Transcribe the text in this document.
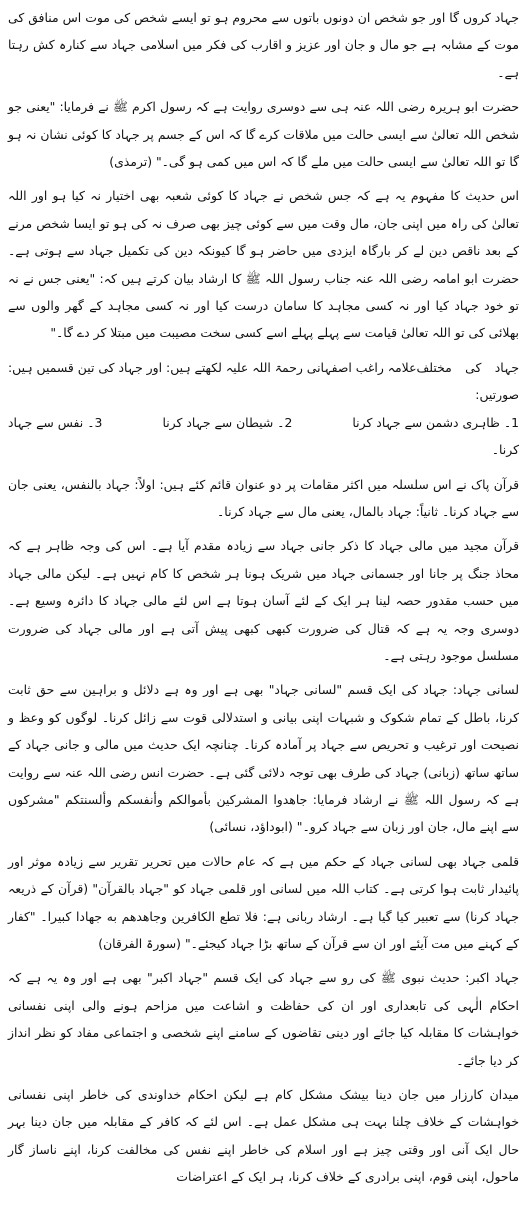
جہاد کروں گا اور جو شخص ان دونوں باتوں سے محروم ہو تو ایسے شخص کی موت اس منافق کی موت کے مشابہ ہے جو مال و جان اور عزیز و اقارب کی فکر میں اسلامی جہاد سے کنارہ کش رہتا ہے۔

حضرت ابو ہریرہ رضی اللہ عنہ ہی سے دوسری روایت ہے کہ رسول اکرم ﷺ نے فرمایا: "یعنی جو شخص اللہ تعالیٰ سے ایسی حالت میں ملاقات کرے گا کہ اس کے جسم پر جہاد کا کوئی نشان نہ ہو گا تو اللہ تعالیٰ سے ایسی حالت میں ملے گا کہ اس میں کمی ہو گی۔" (ترمذی)

اس حدیث کا مفہوم یہ ہے کہ جس شخص نے جہاد کا کوئی شعبہ بھی اختیار نہ کیا ہو اور اللہ تعالیٰ کی راہ میں اپنی جان، مال وقت میں سے کوئی چیز بھی صرف نہ کی ہو تو ایسا شخص مرنے کے بعد ناقص دین لے کر بارگاہ ایزدی میں حاضر ہو گا کیونکہ دین کی تکمیل جہاد سے ہوتی ہے۔ حضرت ابو امامہ رضی اللہ عنہ جناب رسول اللہ ﷺ کا ارشاد بیان کرتے ہیں کہ: "یعنی جس نے نہ تو خود جہاد کیا اور نہ کسی مجاہد کا سامان درست کیا اور نہ کسی مجاہد کے گھر والوں سے بھلائی کی تو اللہ تعالیٰ قیامت سے پہلے پہلے اسے کسی سخت مصیبت میں مبتلا کر دے گا۔"

جہاد کی مختلف صورتیں:
علامہ راغب اصفہانی رحمۃ اللہ علیہ لکھتے ہیں: اور جہاد کی تین قسمیں ہیں:
1۔ ظاہری دشمن سے جہاد کرنا
2۔ شیطان سے جہاد کرنا
3۔ نفس سے جہاد

کرنا۔

قرآن پاک نے اس سلسلہ میں اکثر مقامات پر دو عنوان قائم کئے ہیں: اولاً: جہاد بالنفس، یعنی جان سے جہاد کرنا۔ ثانیاً: جہاد بالمال، یعنی مال سے جہاد کرنا۔

قرآن مجید میں مالی جہاد کا ذکر جانی جہاد سے زیادہ مقدم آیا ہے۔ اس کی وجہ ظاہر ہے کہ محاذ جنگ پر جانا اور جسمانی جہاد میں شریک ہونا ہر شخص کا کام نہیں ہے۔ لیکن مالی جہاد میں حسب مقدور حصہ لینا ہر ایک کے لئے آسان ہوتا ہے اس لئے مالی جہاد کا دائرہ وسیع ہے۔ دوسری وجہ یہ ہے کہ قتال کی ضرورت کبھی کبھی پیش آتی ہے اور مالی جہاد کی ضرورت مسلسل موجود رہتی ہے۔

لسانی جہاد: جہاد کی ایک قسم "لسانی جہاد" بھی ہے اور وہ ہے دلائل و براہین سے حق ثابت کرنا، باطل کے تمام شکوک و شبہات اپنی بیانی و استدلالی قوت سے زائل کرنا۔ لوگوں کو وعظ و نصیحت اور ترغیب و تحریص سے جہاد پر آمادہ کرنا۔ چنانچہ ایک حدیث میں مالی و جانی جہاد کے ساتھ ساتھ (زبانی) جہاد کی طرف بھی توجہ دلائی گئی ہے۔ حضرت انس رضی اللہ عنہ سے روایت ہے کہ رسول اللہ ﷺ نے ارشاد فرمایا: جاهدوا المشركين بأموالكم وأنفسكم وألسنتكم "مشرکوں سے اپنے مال، جان اور زبان سے جہاد کرو۔" (ابوداؤد، نسائی)

قلمی جہاد بھی لسانی جہاد کے حکم میں ہے کہ عام حالات میں تحریر تقریر سے زیادہ موثر اور پائیدار ثابت ہوا کرتی ہے۔ کتاب اللہ میں لسانی اور قلمی جہاد کو "جہاد بالقرآن" (قرآن کے ذریعہ جہاد کرنا) سے تعبیر کیا گیا ہے۔ ارشاد ربانی ہے: فلا تطع الكافرين وجاهدهم به جهادا كبيرا۔ "کفار کے کہنے میں مت آیئے اور ان سے قرآن کے ساتھ بڑا جہاد کیجئے۔" (سورۃ الفرقان)

جہاد اکبر: حدیث نبوی ﷺ کی رو سے جہاد کی ایک قسم "جہاد اکبر" بھی ہے اور وہ یہ ہے کہ احکام الٰہی کی تابعداری اور ان کی حفاظت و اشاعت میں مزاحم ہونے والی اپنی نفسانی خواہشات کا مقابلہ کیا جائے اور دینی تقاضوں کے سامنے اپنے شخصی و اجتماعی مفاد کو نظر انداز کر دیا جائے۔

میدان کارزار میں جان دینا بیشک مشکل کام ہے لیکن احکام خداوندی کی خاطر اپنی نفسانی خواہشات کے خلاف چلنا بہت ہی مشکل عمل ہے۔ اس لئے کہ کافر کے مقابلہ میں جان دینا بہر حال ایک آنی اور وقتی چیز ہے اور اسلام کی خاطر اپنے نفس کی مخالفت کرنا، اپنے ناساز گار ماحول، اپنی قوم، اپنی برادری کے خلاف کرنا، ہر ایک کے اعتراضات
